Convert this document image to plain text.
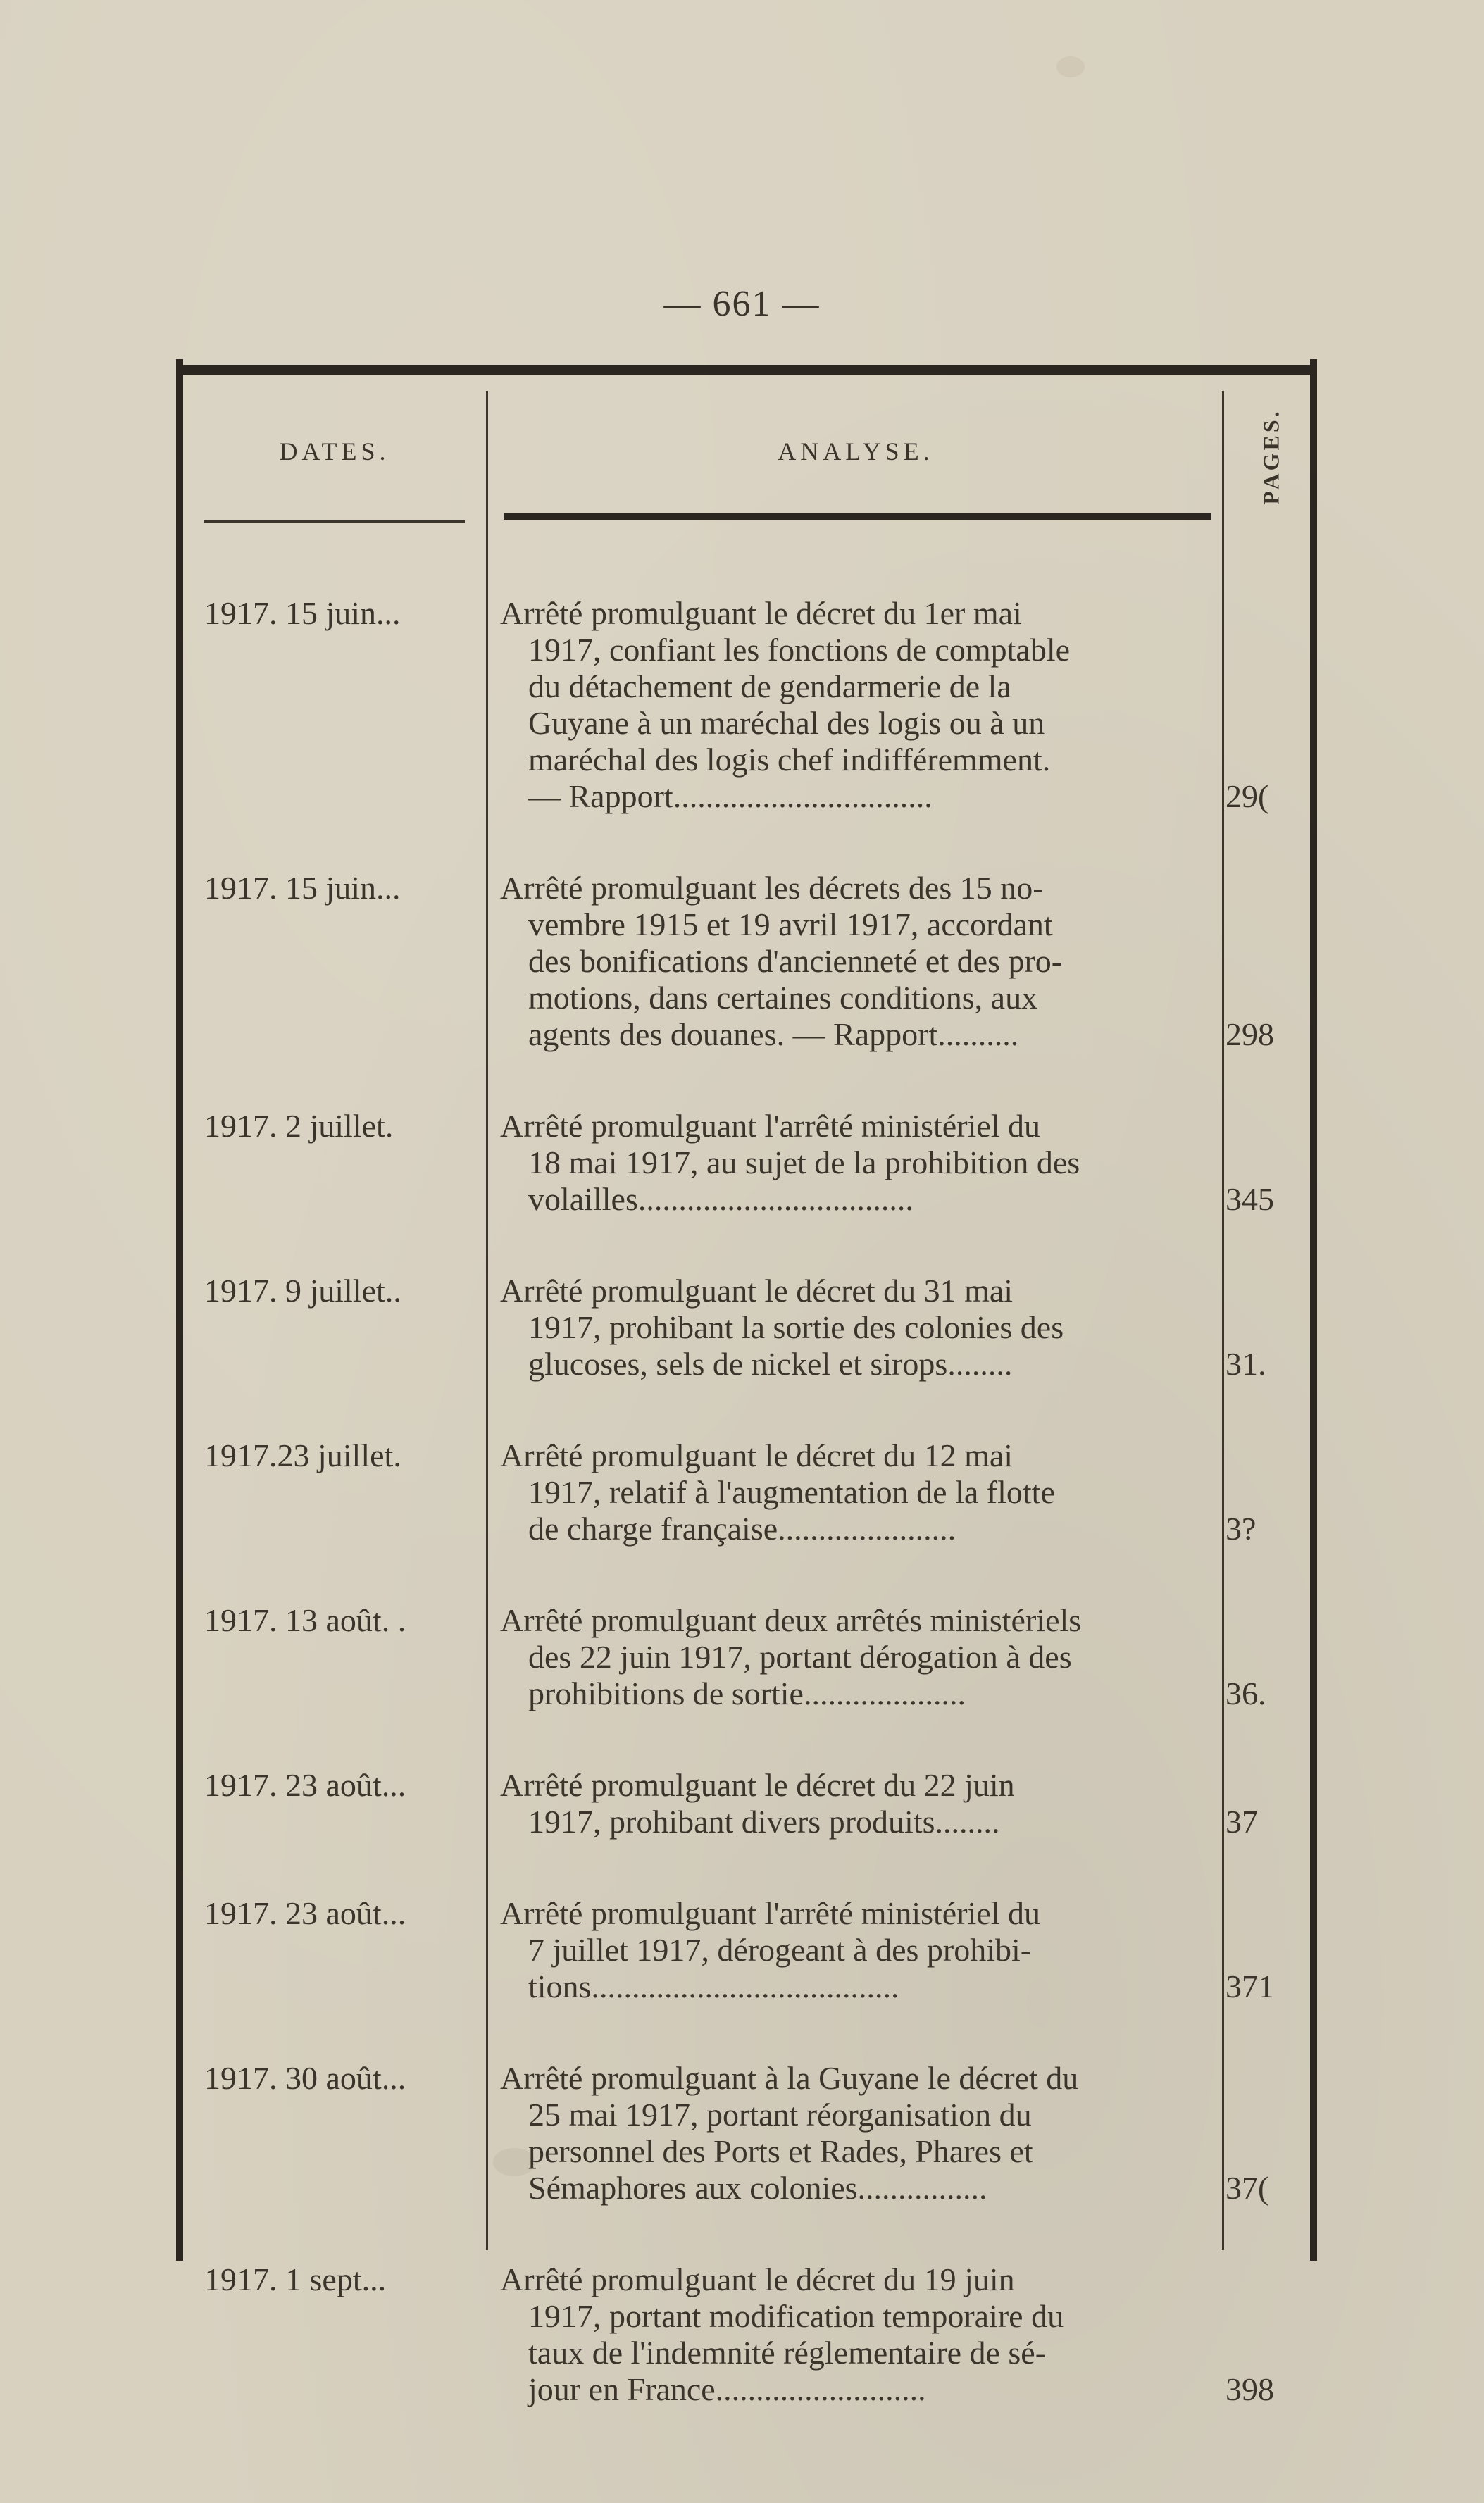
— 661 —
DATES.	ANALYSE.	PAGES.
1917. 15 juin...	Arrêté promulguant le décret du 1er mai
1917, confiant les fonctions de comptable
du détachement de gendarmerie de la
Guyane à un maréchal des logis ou à un
maréchal des logis chef indifféremment.
— Rapport................................	29(
1917. 15 juin...	Arrêté promulguant les décrets des 15 no-
vembre 1915 et 19 avril 1917, accordant
des bonifications d'ancienneté et des pro-
motions, dans certaines conditions, aux
agents des douanes. — Rapport..........	298
1917. 2 juillet.	Arrêté promulguant l'arrêté ministériel du
18 mai 1917, au sujet de la prohibition des
volailles..................................	345
1917. 9 juillet..	Arrêté promulguant le décret du 31 mai
1917, prohibant la sortie des colonies des
glucoses, sels de nickel et sirops........	31.
1917.23 juillet.	Arrêté promulguant le décret du 12 mai
1917, relatif à l'augmentation de la flotte
de charge française......................	3?
1917. 13 août. .	Arrêté promulguant deux arrêtés ministériels
des 22 juin 1917, portant dérogation à des
prohibitions de sortie....................	36.
1917. 23 août...	Arrêté promulguant le décret du 22 juin
1917, prohibant divers produits........	37
1917. 23 août...	Arrêté promulguant l'arrêté ministériel du
7 juillet 1917, dérogeant à des prohibi-
tions......................................	371
1917. 30 août...	Arrêté promulguant à la Guyane le décret du
25 mai 1917, portant réorganisation du
personnel des Ports et Rades, Phares et
Sémaphores aux colonies................	37(
1917. 1 sept...	Arrêté promulguant le décret du 19 juin
1917, portant modification temporaire du
taux de l'indemnité réglementaire de sé-
jour en France..........................	398
